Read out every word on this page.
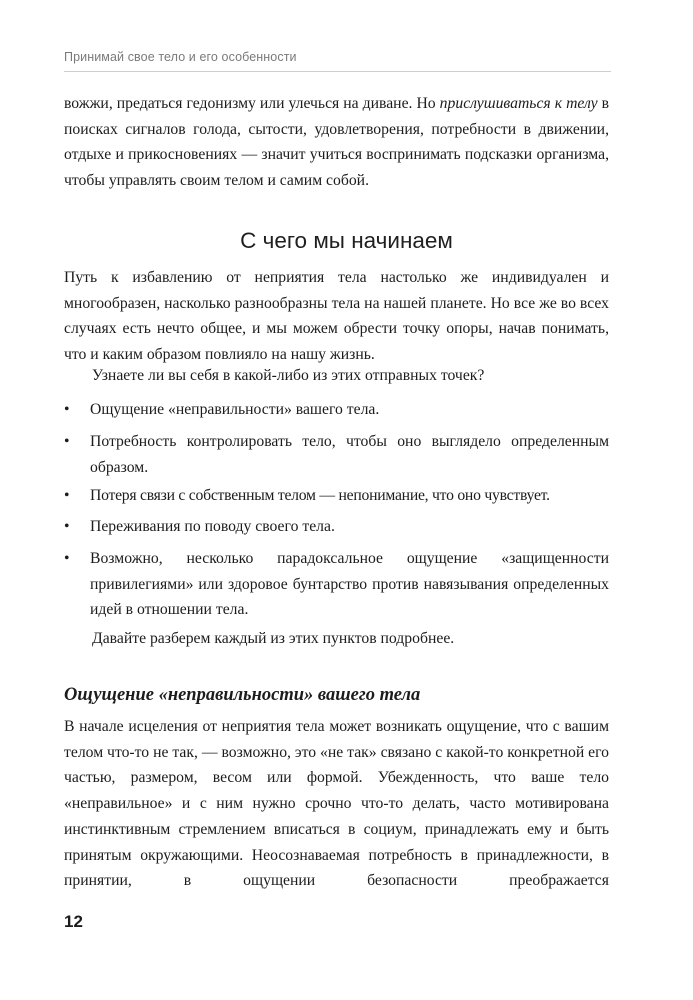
Принимай свое тело и его особенности

вожжи, предаться гедонизму или улечься на диване. Но прислушиваться к телу в поисках сигналов голода, сытости, удовлетворения, потребности в движении, отдыхе и прикосновениях — значит учиться воспринимать подсказки организма, чтобы управлять своим телом и самим собой.

С чего мы начинаем

Путь к избавлению от неприятия тела настолько же индивидуален и многообразен, насколько разнообразны тела на нашей планете. Но все же во всех случаях есть нечто общее, и мы можем обрести точку опоры, начав понимать, что и каким образом повлияло на нашу жизнь.

Узнаете ли вы себя в какой-либо из этих отправных точек?

• Ощущение «неправильности» вашего тела.
• Потребность контролировать тело, чтобы оно выглядело определенным образом.
• Потеря связи с собственным телом — непонимание, что оно чувствует.
• Переживания по поводу своего тела.
• Возможно, несколько парадоксальное ощущение «защищенности привилегиями» или здоровое бунтарство против навязывания определенных идей в отношении тела.

Давайте разберем каждый из этих пунктов подробнее.

Ощущение «неправильности» вашего тела

В начале исцеления от неприятия тела может возникать ощущение, что с вашим телом что-то не так, — возможно, это «не так» связано с какой-то конкретной его частью, размером, весом или формой. Убежденность, что ваше тело «неправильное» и с ним нужно срочно что-то делать, часто мотивирована инстинктивным стремлением вписаться в социум, принадлежать ему и быть принятым окружающими. Неосознаваемая потребность в принадлежности, в принятии, в ощущении безопасности преображается

12
